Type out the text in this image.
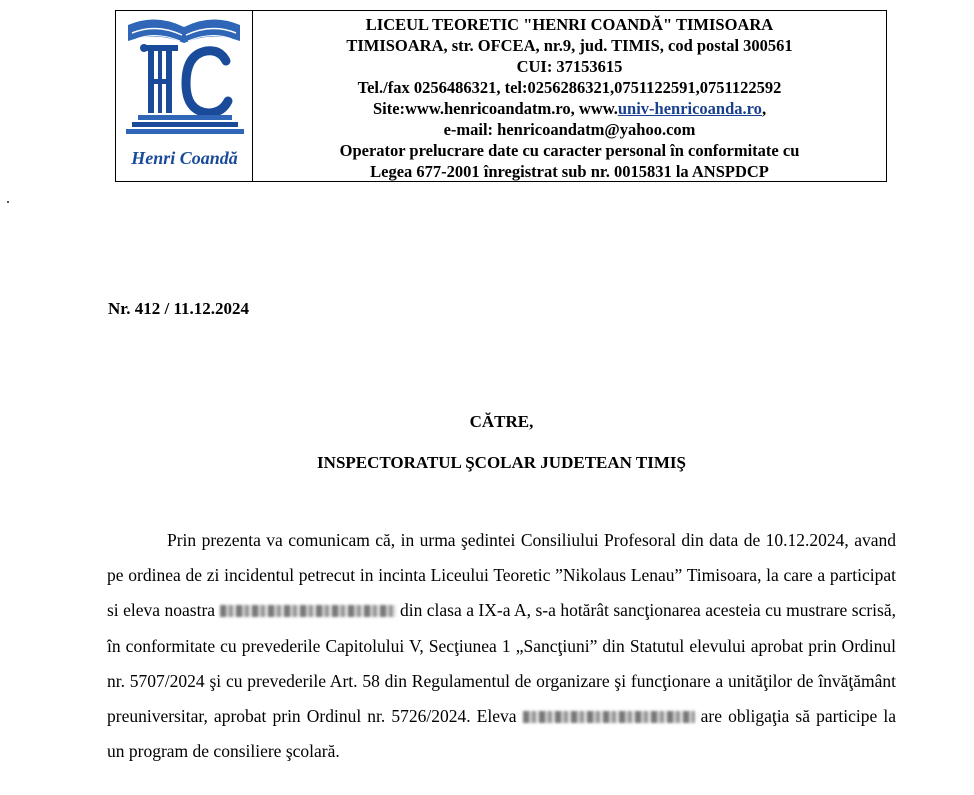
Henri Coandă
LICEUL TEORETIC "HENRI COANDĂ" TIMISOARA
TIMISOARA, str. OFCEA, nr.9, jud. TIMIS, cod postal 300561
CUI: 37153615
Tel./fax 0256486321, tel:0256286321,0751122591,0751122592
Site:www.henricoandatm.ro, www.univ-henricoanda.ro,
e-mail: henricoandatm@yahoo.com
Operator prelucrare date cu caracter personal în conformitate cu
Legea 677-2001 înregistrat sub nr. 0015831 la ANSPDCP
Nr. 412 / 11.12.2024
CĂTRE,
INSPECTORATUL ŞCOLAR JUDETEAN TIMIŞ
Prin prezenta va comunicam că, in urma şedintei Consiliului Profesoral din data de 10.12.2024, avand pe ordinea de zi incidentul petrecut in incinta Liceului Teoretic ”Nikolaus Lenau” Timisoara, la care a participat si eleva noastra	din clasa a IX-a A, s-a hotărât sancţionarea acesteia cu mustrare scrisă, în conformitate cu prevederile Capitolului V, Secţiunea 1 „Sancţiuni” din Statutul elevului aprobat prin Ordinul nr. 5707/2024 şi cu prevederile Art. 58 din Regulamentul de organizare şi funcţionare a unităţilor de învăţământ preuniversitar, aprobat prin Ordinul nr. 5726/2024. Eleva	are obligaţia să participe la un program de consiliere şcolară.
